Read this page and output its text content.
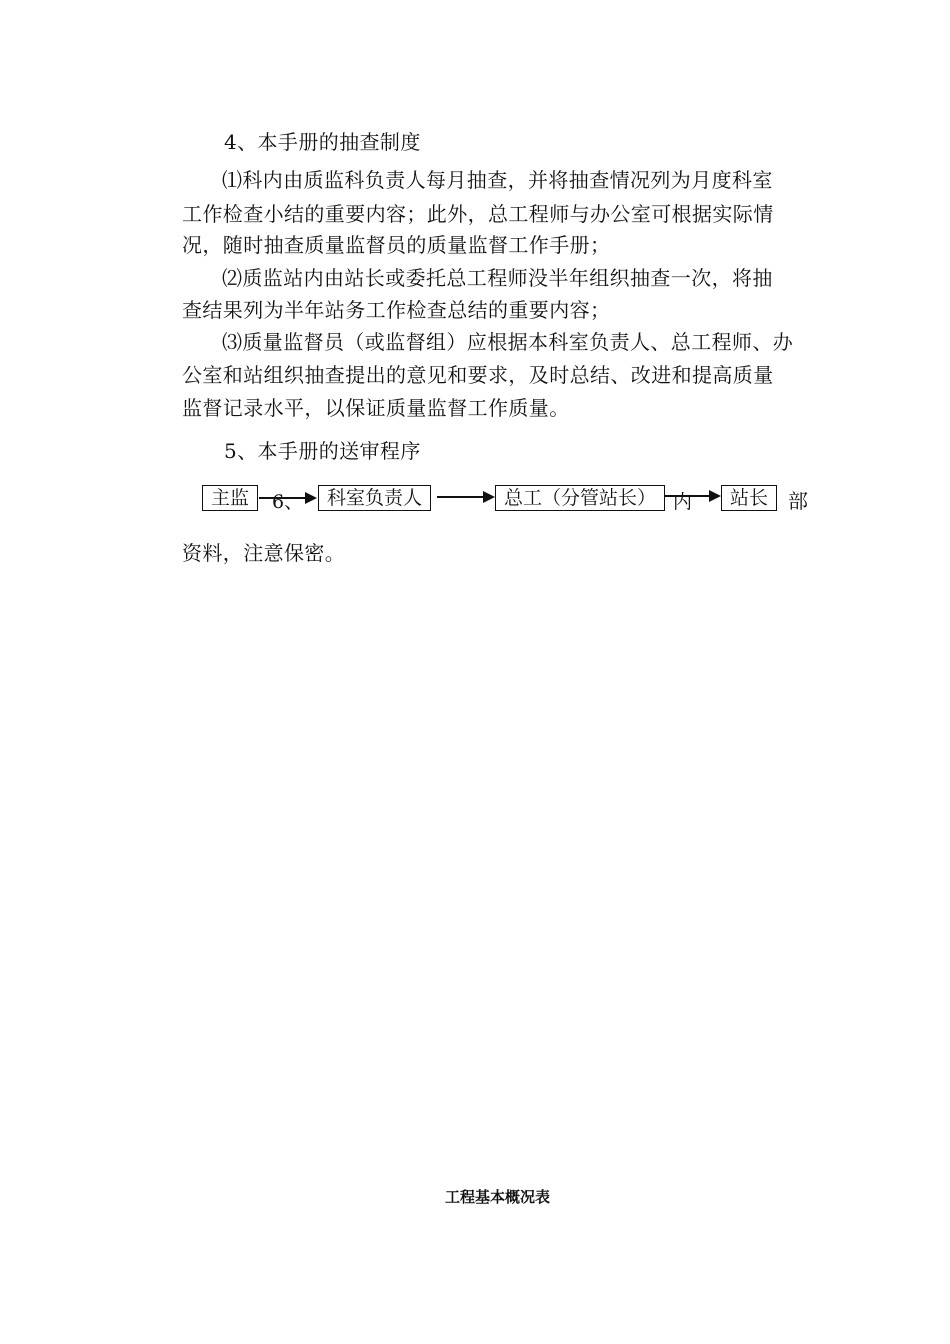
4、本手册的抽查制度
⑴科内由质监科负责人每月抽查，并将抽查情况列为月度科室
工作检查小结的重要内容；此外，总工程师与办公室可根据实际情
况，随时抽查质量监督员的质量监督工作手册；
⑵质监站内由站长或委托总工程师没半年组织抽查一次，将抽
查结果列为半年站务工作检查总结的重要内容；
⑶质量监督员（或监督组）应根据本科室负责人、总工程师、办
公室和站组织抽查提出的意见和要求，及时总结、改进和提高质量
监督记录水平，以保证质量监督工作质量。
5、本手册的送审程序
主监	6、	科室负责人	总工（分管站长） 内	站长 部
资料，注意保密。
工程基本概况表
